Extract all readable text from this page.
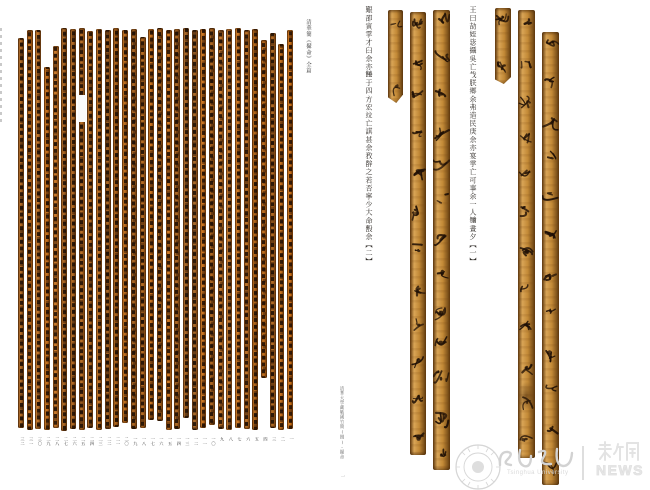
三二 三一 三〇 二九 二八 二七 二六 二五 二四 二三 二二 二一 二〇 一九 一八 一七 一六 一五 一四 一三 一二 一一 一〇 九 八 七 六 五 四 三 二 一
清華簡《攝命》全篇	艱卲寅𩁹才𦥑余亦𩜇于四方宏竝亡諆甚余敄辥之若否寧少大命毄余【二】	王曰劼姪毖攝吳亡𢦏朕鄉余弗造民庚余亦宴𩁹亡可事余一人𣍐晝夕【一】
清華大學藏戰國竹簡(捌)・攝命
一
Tsinghua University NEWS
